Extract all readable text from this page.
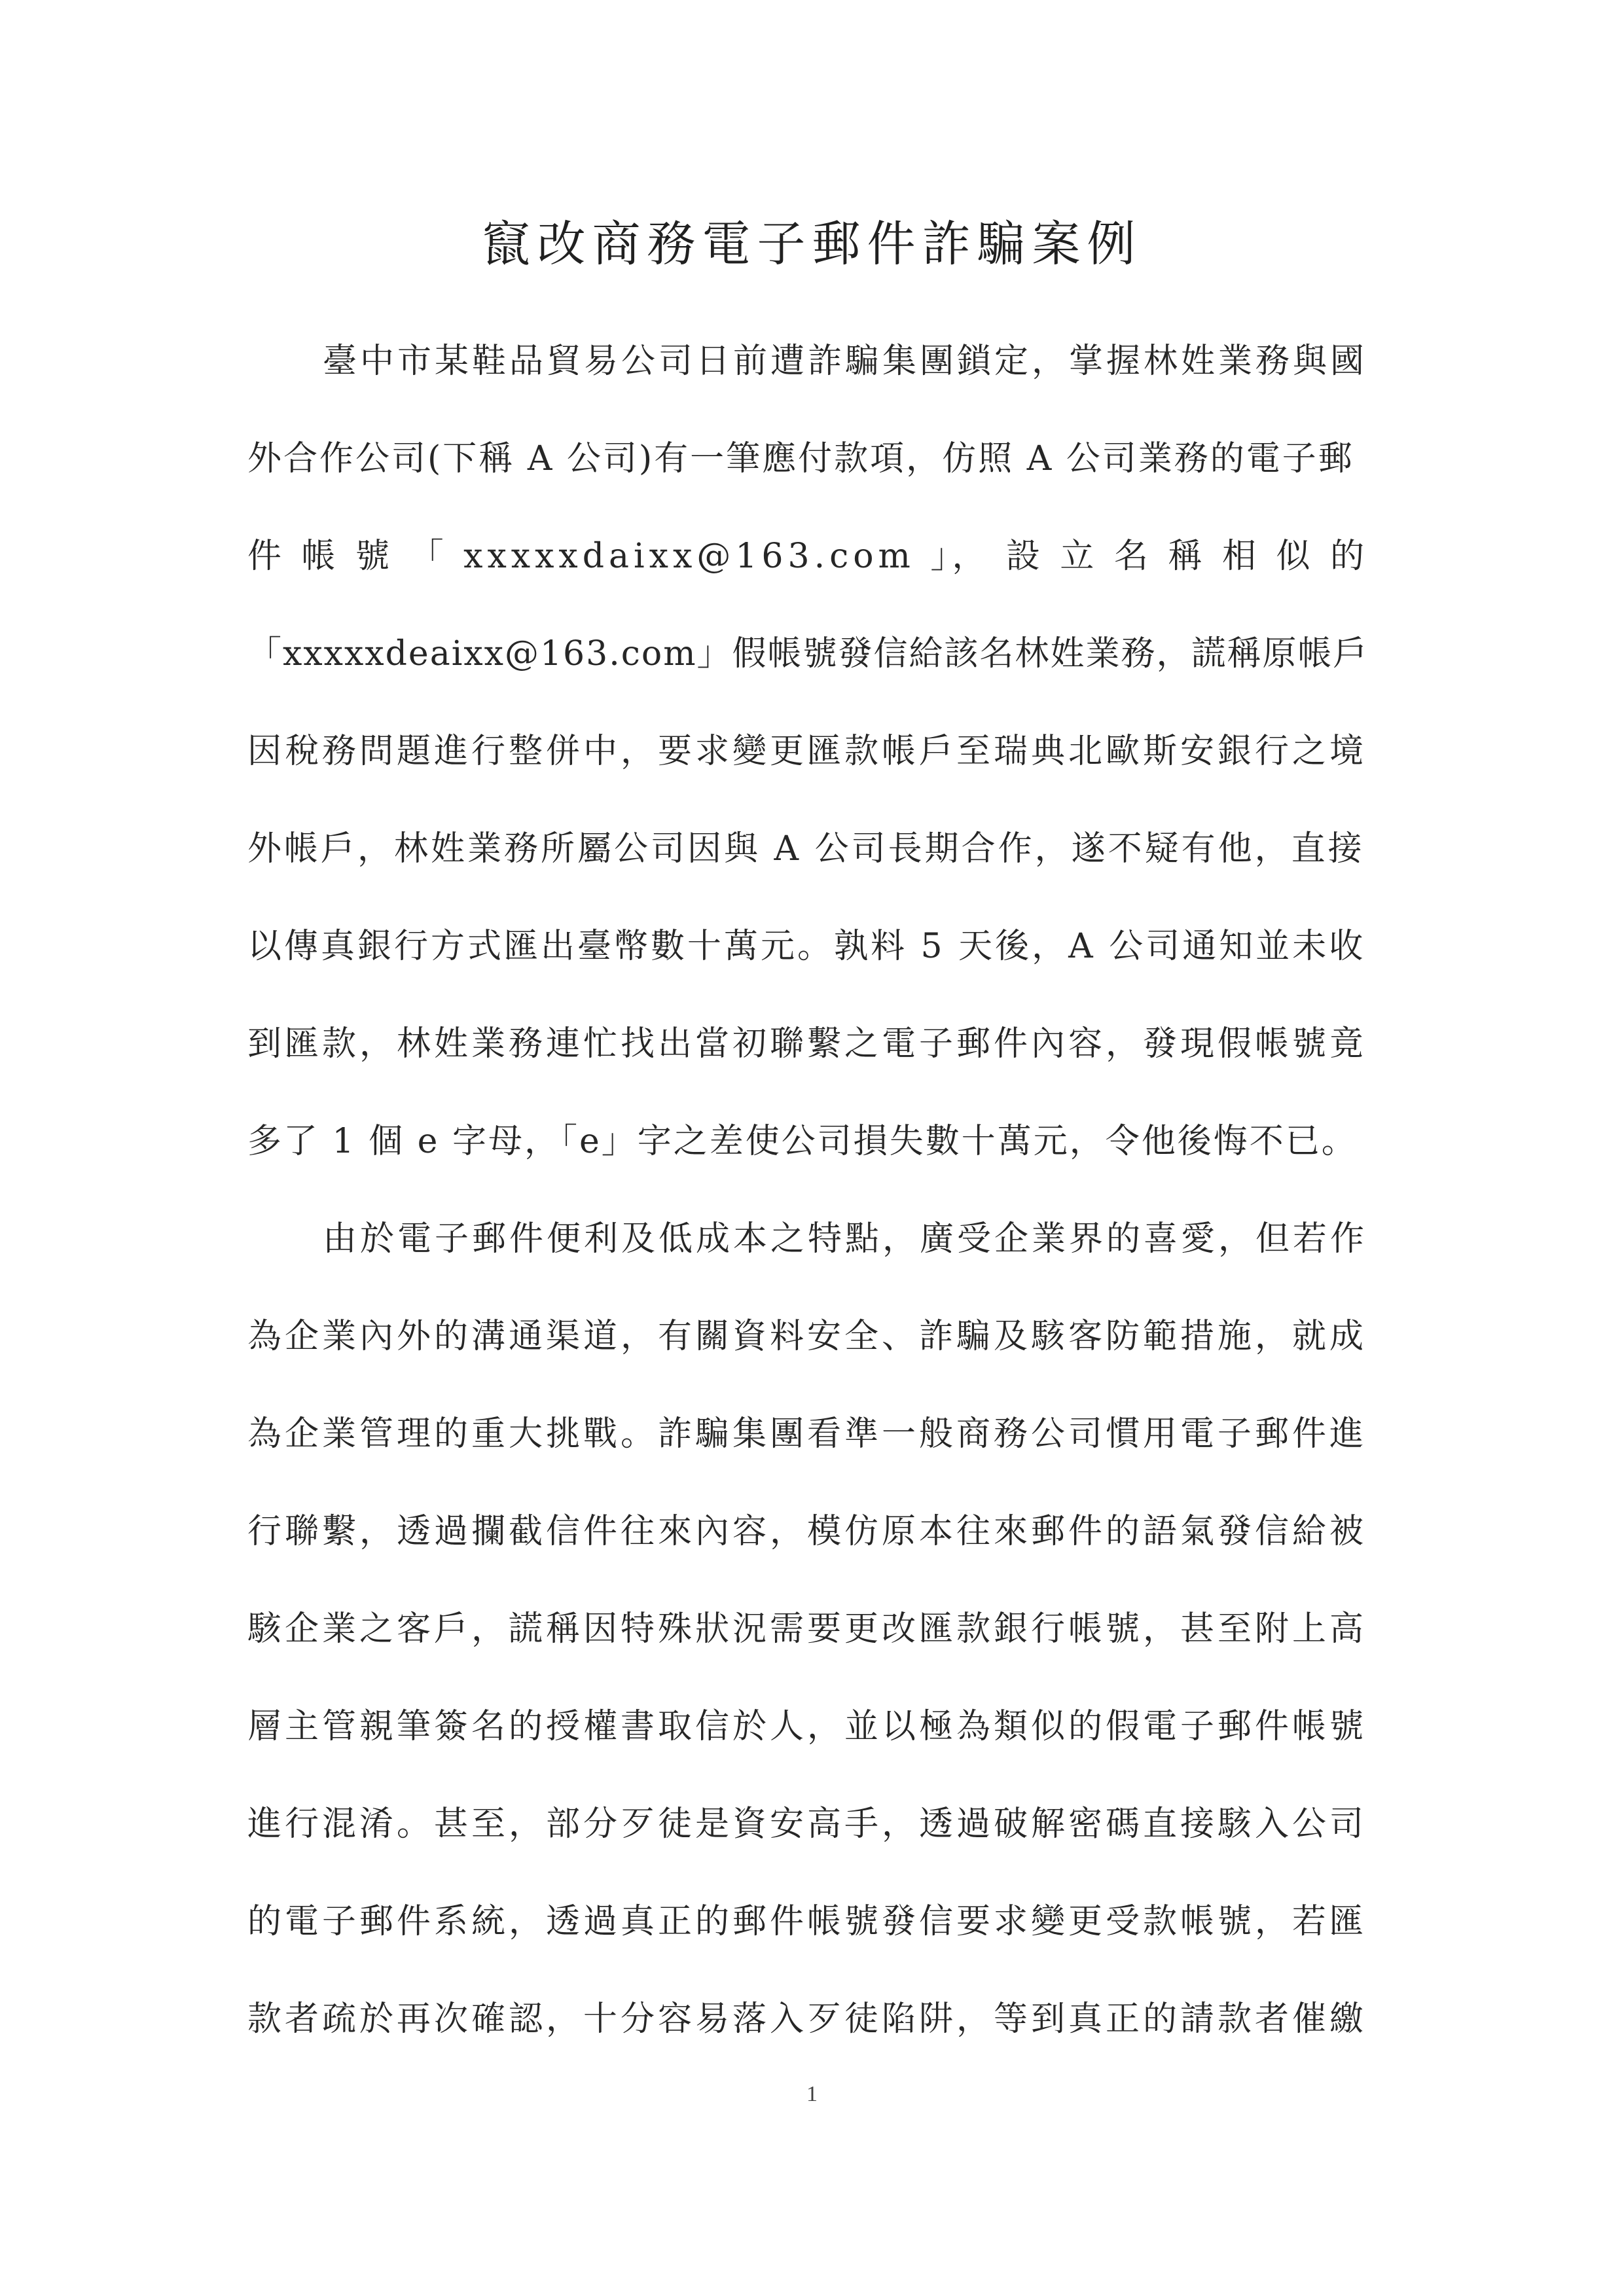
竄改商務電子郵件詐騙案例
臺中市某鞋品貿易公司日前遭詐騙集團鎖定，掌握林姓業務與國
外合作公司(下稱 A 公司)有一筆應付款項，仿照 A 公司業務的電子郵
件 帳 號 「 xxxxxdaixx@163.com 」， 設 立 名 稱 相 似 的
「xxxxxdeaixx@163.com」假帳號發信給該名林姓業務，謊稱原帳戶
因稅務問題進行整併中，要求變更匯款帳戶至瑞典北歐斯安銀行之境
外帳戶，林姓業務所屬公司因與 A 公司長期合作，遂不疑有他，直接
以傳真銀行方式匯出臺幣數十萬元。孰料 5 天後，A 公司通知並未收
到匯款，林姓業務連忙找出當初聯繫之電子郵件內容，發現假帳號竟
多了 1 個 e 字母，「e」字之差使公司損失數十萬元，令他後悔不已。
由於電子郵件便利及低成本之特點，廣受企業界的喜愛，但若作
為企業內外的溝通渠道，有關資料安全、詐騙及駭客防範措施，就成
為企業管理的重大挑戰。詐騙集團看準一般商務公司慣用電子郵件進
行聯繫，透過攔截信件往來內容，模仿原本往來郵件的語氣發信給被
駭企業之客戶，謊稱因特殊狀況需要更改匯款銀行帳號，甚至附上高
層主管親筆簽名的授權書取信於人，並以極為類似的假電子郵件帳號
進行混淆。甚至，部分歹徒是資安高手，透過破解密碼直接駭入公司
的電子郵件系統，透過真正的郵件帳號發信要求變更受款帳號，若匯
款者疏於再次確認，十分容易落入歹徒陷阱，等到真正的請款者催繳
1
